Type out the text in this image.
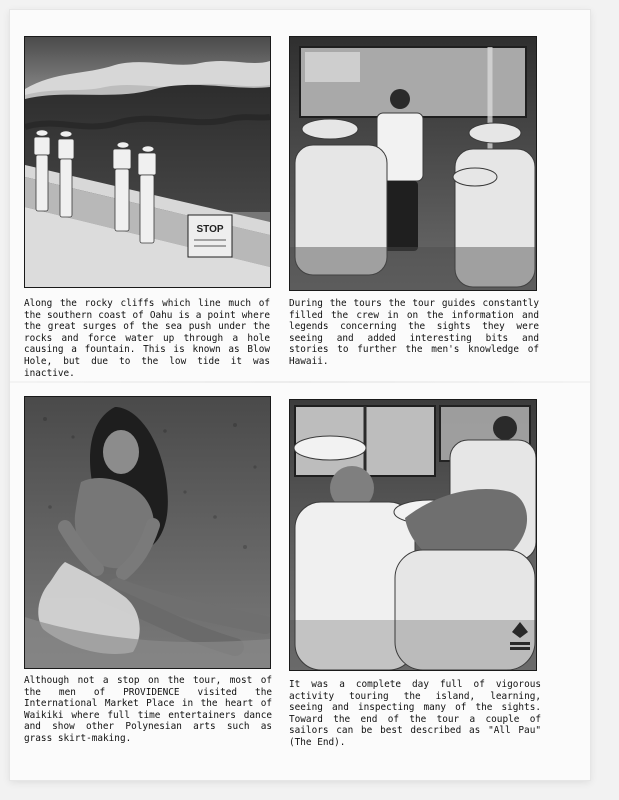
STOP

Along the rocky cliffs which line much of the southern coast of Oahu is a point where the great surges of the sea push under the rocks and force water up through a hole causing a fountain. This is known as Blow Hole, but due to the low tide it was inactive.

During the tours the tour guides constantly filled the crew in on the information and legends concerning the sights they were seeing and added interesting bits and stories to further the men's knowledge of Hawaii.

Although not a stop on the tour, most of the men of PROVIDENCE visited the International Market Place in the heart of Waikiki where full time entertainers dance and show other Polynesian arts such as grass skirt-making.

It was a complete day full of vigorous activity touring the island, learning, seeing and inspecting many of the sights. Toward the end of the tour a couple of sailors can be best described as "All Pau" (The End).
